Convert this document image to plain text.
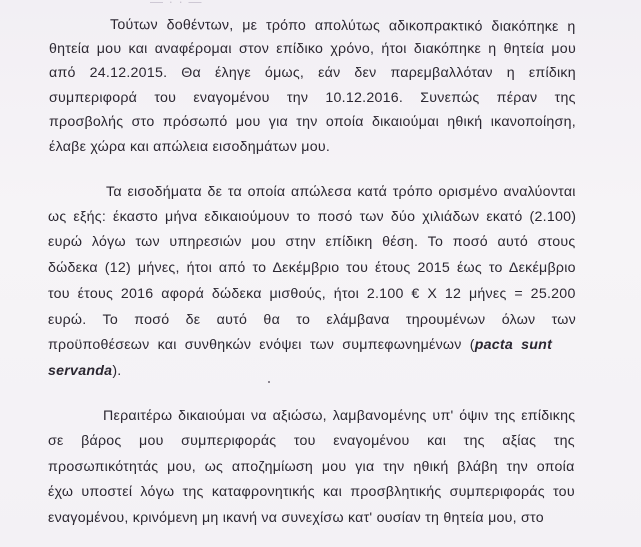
— · · —
Τούτων δοθέντων, με τρόπο απολύτως αδικοπρακτικό διακόπηκε η
θητεία μου και αναφέρομαι στον επίδικο χρόνο, ήτοι διακόπηκε η θητεία μου
από 24.12.2015. Θα έληγε όμως, εάν δεν παρεμβαλλόταν η επίδικη
συμπεριφορά του εναγομένου την 10.12.2016. Συνεπώς πέραν της
προσβολής στο πρόσωπό μου για την οποία δικαιούμαι ηθική ικανοποίηση,
έλαβε χώρα και απώλεια εισοδημάτων μου.
Τα εισοδήματα δε τα οποία απώλεσα κατά τρόπο ορισμένο αναλύονται
ως εξής: έκαστο μήνα εδικαιούμουν το ποσό των δύο χιλιάδων εκατό (2.100)
ευρώ λόγω των υπηρεσιών μου στην επίδικη θέση. Το ποσό αυτό στους
δώδεκα (12) μήνες, ήτοι από το Δεκέμβριο του έτους 2015 έως το Δεκέμβριο
του έτους 2016 αφορά δώδεκα μισθούς, ήτοι 2.100 € Χ 12 μήνες = 25.200
ευρώ. Το ποσό δε αυτό θα το ελάμβανα τηρουμένων όλων των
προϋποθέσεων και συνθηκών ενόψει των συμπεφωνημένων (pacta sunt
servanda).
Περαιτέρω δικαιούμαι να αξιώσω, λαμβανομένης υπ' όψιν της επίδικης
σε βάρος μου συμπεριφοράς του εναγομένου και της αξίας της
προσωπικότητάς μου, ως αποζημίωση μου για την ηθική βλάβη την οποία
έχω υποστεί λόγω της καταφρονητικής και προσβλητικής συμπεριφοράς του
εναγομένου, κρινόμενη μη ικανή να συνεχίσω κατ' ουσίαν τη θητεία μου, στο
